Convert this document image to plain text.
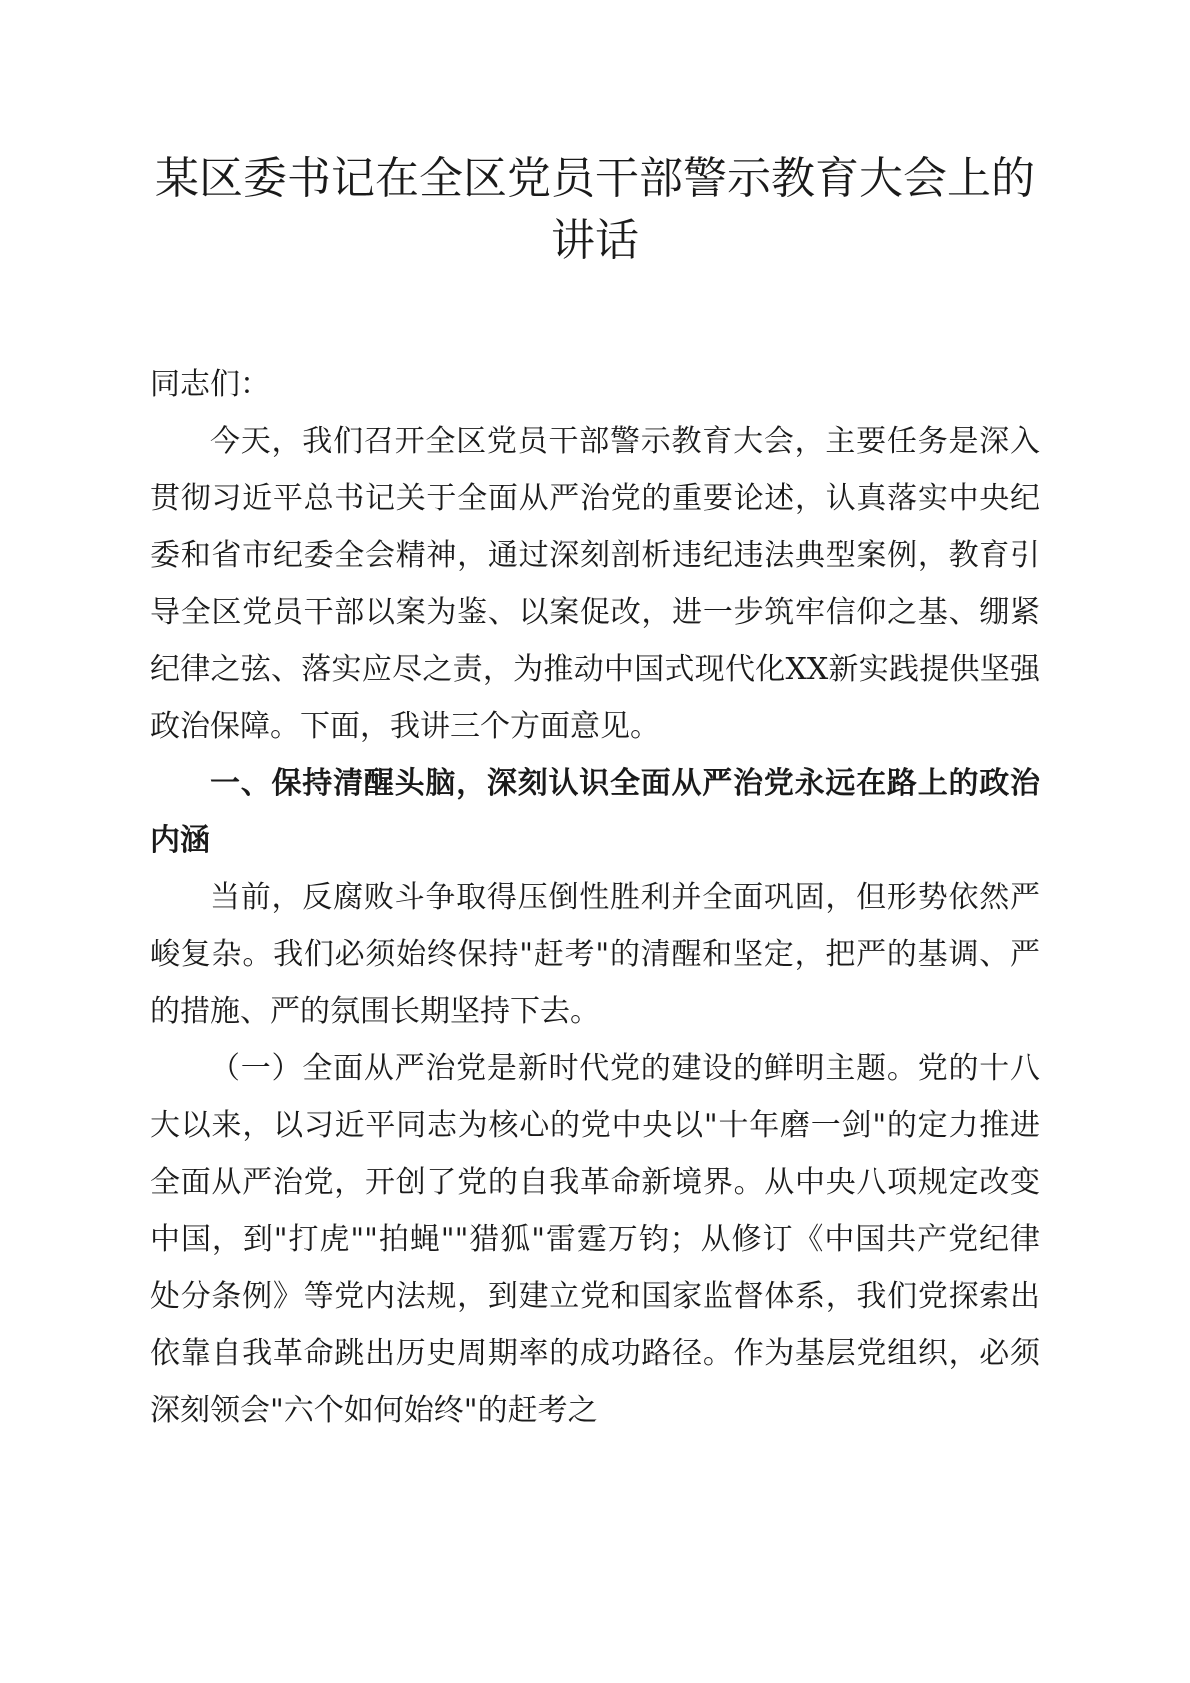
某区委书记在全区党员干部警示教育大会上的讲话

同志们：

今天，我们召开全区党员干部警示教育大会，主要任务是深入贯彻习近平总书记关于全面从严治党的重要论述，认真落实中央纪委和省市纪委全会精神，通过深刻剖析违纪违法典型案例，教育引导全区党员干部以案为鉴、以案促改，进一步筑牢信仰之基、绷紧纪律之弦、落实应尽之责，为推动中国式现代化XX新实践提供坚强政治保障。下面，我讲三个方面意见。

一、保持清醒头脑，深刻认识全面从严治党永远在路上的政治内涵

当前，反腐败斗争取得压倒性胜利并全面巩固，但形势依然严峻复杂。我们必须始终保持"赶考"的清醒和坚定，把严的基调、严的措施、严的氛围长期坚持下去。

（一）全面从严治党是新时代党的建设的鲜明主题。党的十八大以来，以习近平同志为核心的党中央以"十年磨一剑"的定力推进全面从严治党，开创了党的自我革命新境界。从中央八项规定改变中国，到"打虎""拍蝇""猎狐"雷霆万钧；从修订《中国共产党纪律处分条例》等党内法规，到建立党和国家监督体系，我们党探索出依靠自我革命跳出历史周期率的成功路径。作为基层党组织，必须深刻领会"六个如何始终"的赶考之
